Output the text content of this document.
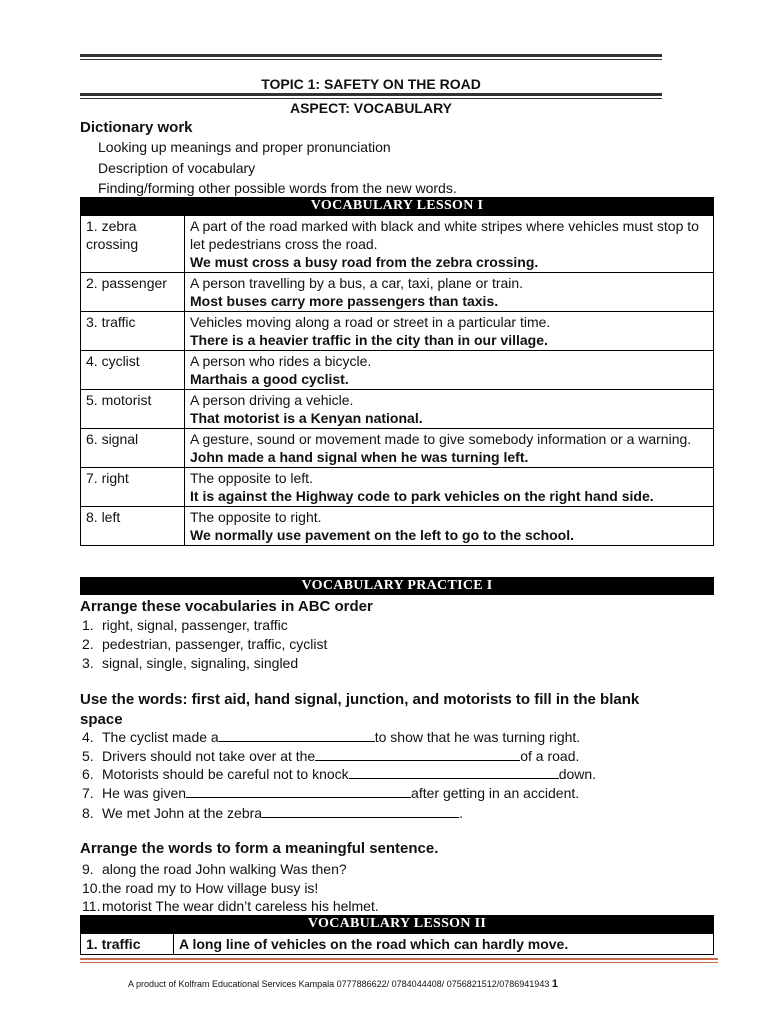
TOPIC 1: SAFETY ON THE ROAD
ASPECT: VOCABULARY
Dictionary work
Looking up meanings and proper pronunciation
Description of vocabulary
Finding/forming other possible words from the new words.
VOCABULARY LESSON I
1. zebra crossing	A part of the road marked with black and white stripes where vehicles must stop to let pedestrians cross the road.
We must cross a busy road from the zebra crossing.

2. passenger	A person travelling by a bus, a car, taxi, plane or train.
Most buses carry more passengers than taxis.

3. traffic	Vehicles moving along a road or street in a particular time.
There is a heavier traffic in the city than in our village.

4. cyclist	A person who rides a bicycle.
Marthais a good cyclist.

5. motorist	A person driving a vehicle.
That motorist is a Kenyan national.

6. signal	A gesture, sound or movement made to give somebody information or a warning.
John made a hand signal when he was turning left.

7. right	The opposite to left.
It is against the Highway code to park vehicles on the right hand side.

8. left	The opposite to right.
We normally use pavement on the left to go to the school.
VOCABULARY PRACTICE I
Arrange these vocabularies in ABC order
1. right, signal, passenger, traffic
2. pedestrian, passenger, traffic, cyclist
3. signal, single, signaling, singled
Use the words: first aid, hand signal, junction, and motorists to fill in the blank
space
4. The cyclist made a	to show that he was turning right.
5. Drivers should not take over at the	of a road.
6. Motorists should be careful not to knock	down.
7. He was given	after getting in an accident.
8. We met John at the zebra	.
Arrange the words to form a meaningful sentence.
9. along the road John walking Was then?
10.the road my to How village busy is!
11. motorist The wear didn’t careless his helmet.
VOCABULARY LESSON II
1. traffic	A long line of vehicles on the road which can hardly move.
A product of Kolfram Educational Services Kampala 0777886622/ 0784044408/ 0756821512/0786941943 1
